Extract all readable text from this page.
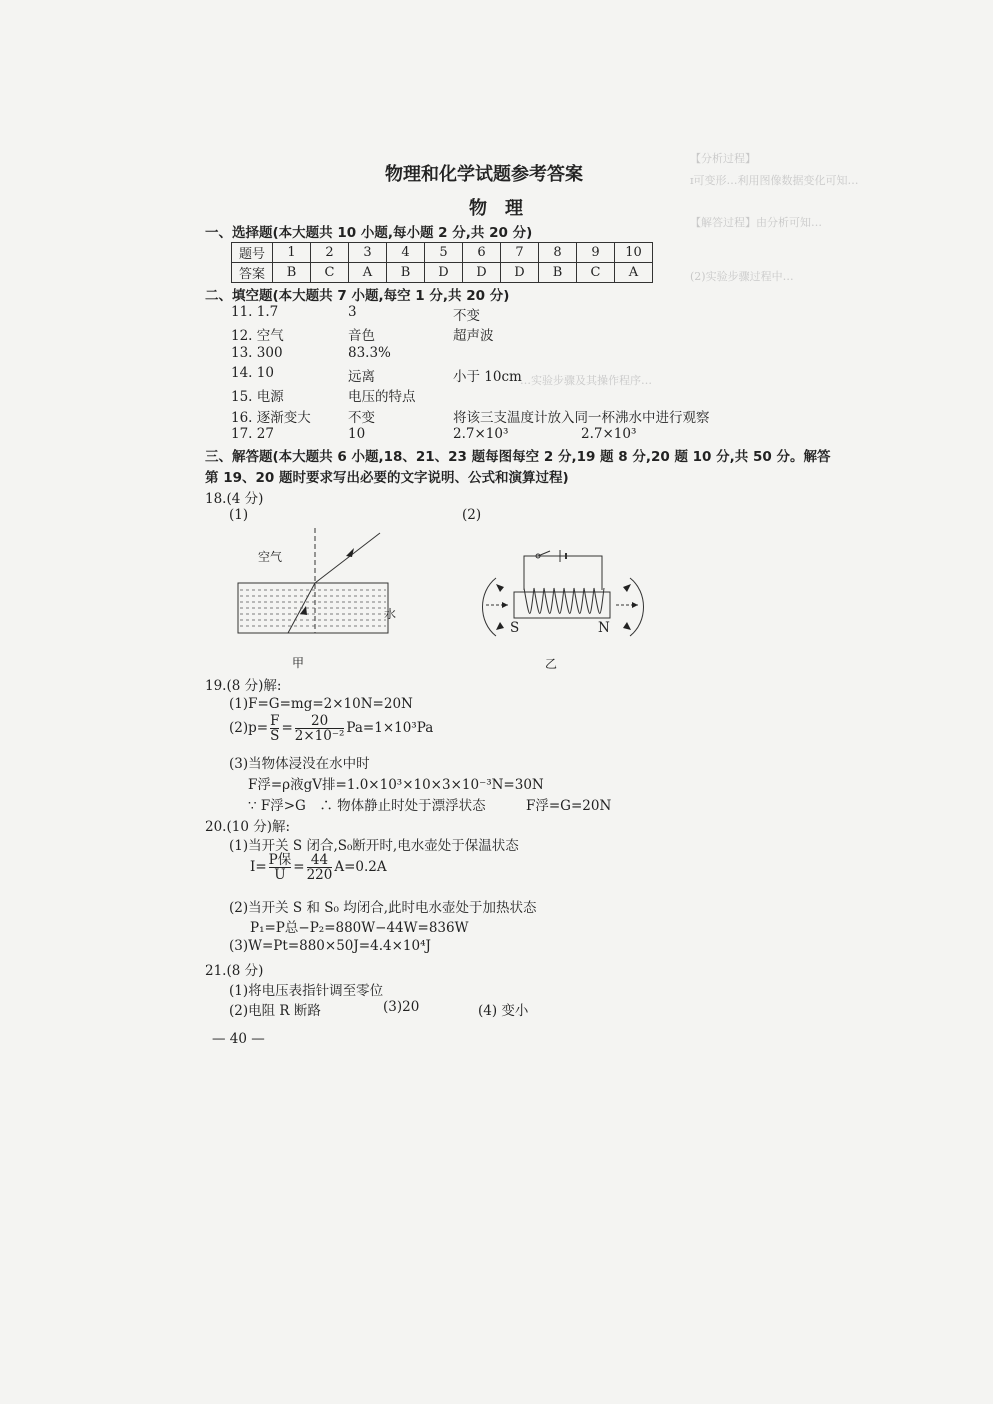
【分析过程】
ɪ可变形…利用图像数据变化可知…
【解答过程】由分析可知…
(2)实验步骤过程中…
…实验步骤及其操作程序…
物理和化学试题参考答案
物　理
一、选择题(本大题共 10 小题,每小题 2 分,共 20 分)
题号	1	2	3	4	5	6	7	8	9	10
答案	B	C	A	B	D	D	D	B	C	A
二、填空题(本大题共 7 小题,每空 1 分,共 20 分)
11. 1.7	3	不变
12. 空气	音色	超声波
13. 300	83.3%
14. 10	远离	小于 10cm
15. 电源	电压的特点
16. 逐渐变大	不变	将该三支温度计放入同一杯沸水中进行观察
17. 27	10	2.7×10³	2.7×10³
三、解答题(本大题共 6 小题,18、21、23 题每图每空 2 分,19 题 8 分,20 题 10 分,共 50 分。解答
第 19、20 题时要求写出必要的文字说明、公式和演算过程)
18.(4 分)
(1)	(2)
空气
水
甲
S	N
乙
19.(8 分)解:
(1)F=G=mg=2×10N=20N
$(2)p= \frac{F}{S} = \frac{20}{\text{2×10⁻²}} Pa=1\times 10^3Pa$
(3)当物体浸没在水中时
F浮=ρ液gV排=1.0×10³×10×3×10⁻³N=30N
∵ F浮>G　∴ 物体静止时处于漂浮状态	F浮=G=20N
20.(10 分)解:
(1)当开关 S 闭合,S₀断开时,电水壶处于保温状态
$I= \frac{\text{P保}}{U} = \frac{44}{220} A=0.2A$
(2)当开关 S 和 S₀ 均闭合,此时电水壶处于加热状态
P₁=P总−P₂=880W−44W=836W
(3)W=Pt=880×50J=4.4×10⁴J
21.(8 分)
(1)将电压表指针调至零位
(2)电阻 R 断路	(3)20	(4) 变小
— 40 —
